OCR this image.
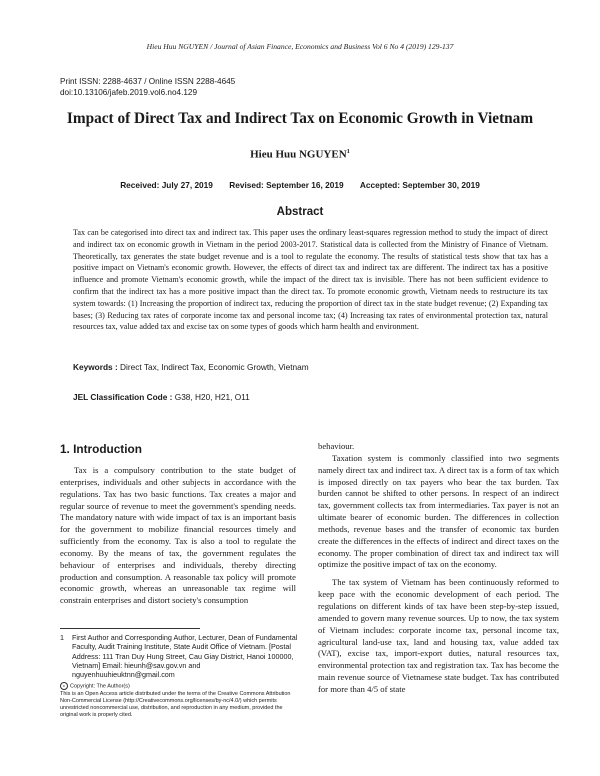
Hieu Huu NGUYEN / Journal of Asian Finance, Economics and Business Vol 6 No 4 (2019) 129-137
Print ISSN: 2288-4637 / Online ISSN 2288-4645
doi:10.13106/jafeb.2019.vol6.no4.129
Impact of Direct Tax and Indirect Tax on Economic Growth in Vietnam
Hieu Huu NGUYEN$^1$
Received: July 27, 2019 Revised: September 16, 2019 Accepted: September 30, 2019
Abstract
Tax can be categorised into direct tax and indirect tax. This paper uses the ordinary least-squares regression method to study the impact of direct and indirect tax on economic growth in Vietnam in the period 2003-2017. Statistical data is collected from the Ministry of Finance of Vietnam. Theoretically, tax generates the state budget revenue and is a tool to regulate the economy. The results of statistical tests show that tax has a positive impact on Vietnam's economic growth. However, the effects of direct tax and indirect tax are different. The indirect tax has a positive influence and promote Vietnam's economic growth, while the impact of the direct tax is invisible. There has not been sufficient evidence to confirm that the indirect tax has a more positive impact than the direct tax. To promote economic growth, Vietnam needs to restructure its tax system towards: (1) Increasing the proportion of indirect tax, reducing the proportion of direct tax in the state budget revenue; (2) Expanding tax bases; (3) Reducing tax rates of corporate income tax and personal income tax; (4) Increasing tax rates of environmental protection tax, natural resources tax, value added tax and excise tax on some types of goods which harm health and environment.
Keywords : Direct Tax, Indirect Tax, Economic Growth, Vietnam
JEL Classification Code : G38, H20, H21, O11
1. Introduction

Tax is a compulsory contribution to the state budget of enterprises, individuals and other subjects in accordance with the regulations. Tax has two basic functions. Tax creates a major and regular source of revenue to meet the government's spending needs. The mandatory nature with wide impact of tax is an important basis for the government to mobilize financial resources timely and sufficiently from the economy. Tax is also a tool to regulate the economy. By the means of tax, the government regulates the behaviour of enterprises and individuals, thereby directing production and consumption. A reasonable tax policy will promote economic growth, whereas an unreasonable tax regime will constrain enterprises and distort society's consumption

behaviour.

Taxation system is commonly classified into two segments namely direct tax and indirect tax. A direct tax is a form of tax which is imposed directly on tax payers who bear the tax burden. Tax burden cannot be shifted to other persons. In respect of an indirect tax, government collects tax from intermediaries. Tax payer is not an ultimate bearer of economic burden. The differences in collection methods, revenue bases and the transfer of economic tax burden create the differences in the effects of indirect and direct taxes on the economy. The proper combination of direct tax and indirect tax will optimize the positive impact of tax on the economy.

The tax system of Vietnam has been continuously reformed to keep pace with the economic development of each period. The regulations on different kinds of tax have been step-by-step issued, amended to govern many revenue sources. Up to now, the tax system of Vietnam includes: corporate income tax, personal income tax, agricultural land-use tax, land and housing tax, value added tax (VAT), excise tax, import-export duties, natural resources tax, environmental protection tax and registration tax. Tax has become the main revenue source of Vietnamese state budget. Tax has contributed for more than 4/5 of state

1	First Author and Corresponding Author, Lecturer, Dean of Fundamental Faculty, Audit Training Institute, State Audit Office of Vietnam. [Postal Address: 111 Tran Duy Hung Street, Cau Giay District, Hanoi 100000, Vietnam] Email: hieunh@sav.gov.vn and nguyenhuuhieuktnn@gmail.com
c Copyright: The Author(s)
This is an Open Access article distributed under the terms of the Creative Commons Attribution Non-Commercial License (http://Creativecommons.org/licenses/by-nc/4.0/) which permits unrestricted noncommercial use, distribution, and reproduction in any medium, provided the original work is properly cited.
